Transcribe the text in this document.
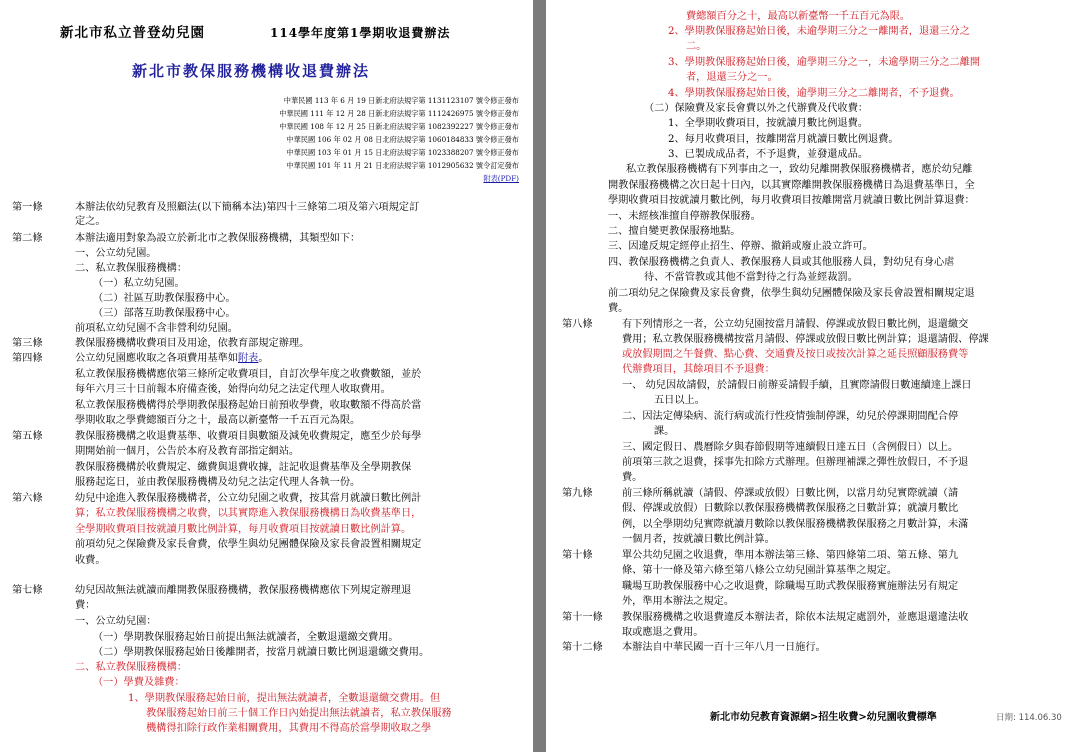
新北市私立普登幼兒園	114學年度第1學期收退費辦法
新北市教保服務機構收退費辦法
中華民國 113 年 6 月 19 日新北府法規字第 1131123107 號令修正發布
中華民國 111 年 12 月 28 日新北府法規字第 1112426975 號令修正發布
中華民國 108 年 12 月 25 日新北府法規字第 1082392227 號令修正發布
中華民國 106 年 02 月 08 日北府法規字第 1060184833 號令修正發布
中華民國 103 年 01 月 15 日北府法規字第 1023388207 號令修正發布
中華民國 101 年 11 月 21 日北府法規字第 1012905632 號令訂定發布
附表(PDF)
第一條	本辦法依幼兒教育及照顧法(以下簡稱本法)第四十三條第二項及第六項規定訂
定之。
第二條	本辦法適用對象為設立於新北市之教保服務機構，其類型如下：
一、公立幼兒園。
二、私立教保服務機構：
（一）私立幼兒園。
（二）社區互助教保服務中心。
（三）部落互助教保服務中心。
前項私立幼兒園不含非營利幼兒園。
第三條	教保服務機構收費項目及用途，依教育部規定辦理。
第四條	公立幼兒園應收取之各項費用基準如附表。
私立教保服務機構應依第三條所定收費項目，自訂次學年度之收費數額，並於
每年六月三十日前報本府備查後，始得向幼兒之法定代理人收取費用。
私立教保服務機構得於學期教保服務起始日前預收學費，收取數額不得高於當
學期收取之學費總額百分之十，最高以新臺幣一千五百元為限。
第五條	教保服務機構之收退費基準、收費項目與數額及減免收費規定，應至少於每學
期開始前一個月，公告於本府及教育部指定網站。
教保服務機構於收費規定、繳費與退費收據，註記收退費基準及全學期教保
服務起迄日，並由教保服務機構及幼兒之法定代理人各執一份。
第六條	幼兒中途進入教保服務機構者，公立幼兒園之收費，按其當月就讀日數比例計
算；私立教保服務機構之收費，以其實際進入教保服務機構日為收費基準日，
全學期收費項目按就讀月數比例計算，每月收費項目按就讀日數比例計算。
前項幼兒之保險費及家長會費，依學生與幼兒團體保險及家長會設置相關規定
收費。
第七條	幼兒因故無法就讀而離開教保服務機構，教保服務機構應依下列規定辦理退
費：
一、公立幼兒園：
（一）學期教保服務起始日前提出無法就讀者，全數退還繳交費用。
（二）學期教保服務起始日後離開者，按當月就讀日數比例退還繳交費用。
二、私立教保服務機構：
（一）學費及雜費：
1、學期教保服務起始日前，提出無法就讀者，全數退還繳交費用。但
教保服務起始日前三十個工作日內始提出無法就讀者，私立教保服務
機構得扣除行政作業相關費用，其費用不得高於當學期收取之學
費總額百分之十，最高以新臺幣一千五百元為限。
2、學期教保服務起始日後，未逾學期三分之一離開者，退還三分之
二。
3、學期教保服務起始日後，逾學期三分之一，未逾學期三分之二離開
者，退還三分之一。
4、學期教保服務起始日後，逾學期三分之二離開者，不予退費。
（二）保險費及家長會費以外之代辦費及代收費：
1、全學期收費項目，按就讀月數比例退費。
2、每月收費項目，按離開當月就讀日數比例退費。
3、已製成成品者，不予退費，並發還成品。
私立教保服務機構有下列事由之一，致幼兒離開教保服務機構者，應於幼兒離
開教保服務機構之次日起十日內，以其實際離開教保服務機構日為退費基準日，全
學期收費項目按就讀月數比例，每月收費項目按離開當月就讀日數比例計算退費：
一、未經核准擅自停辦教保服務。
二、擅自變更教保服務地點。
三、因違反規定經停止招生、停辦、撤銷或廢止設立許可。
四、教保服務機構之負責人、教保服務人員或其他服務人員，對幼兒有身心虐
待、不當管教或其他不當對待之行為並經裁罰。
前二項幼兒之保險費及家長會費，依學生與幼兒團體保險及家長會設置相關規定退
費。
第八條	有下列情形之一者，公立幼兒園按當月請假、停課或放假日數比例，退還繳交
費用；私立教保服務機構按當月請假、停課或放假日數比例計算；退還請假、停課
或放假期間之午餐費、點心費、交通費及按日或按次計算之延長照顧服務費等
代辦費項目，其餘項目不予退費：
一、 幼兒因故請假，於請假日前辦妥請假手續，且實際請假日數連續達上課日
五日以上。
二、因法定傳染病、流行病或流行性疫情強制停課，幼兒於停課期間配合停
課。
三、國定假日、農曆除夕與春節假期等連續假日達五日（含例假日）以上。
前項第三款之退費，採事先扣除方式辦理。但辦理補課之彈性放假日，不予退
費。
第九條	前三條所稱就讀（請假、停課或放假）日數比例，以當月幼兒實際就讀（請
假、停課或放假）日數除以教保服務機構教保服務之日數計算；就讀月數比
例，以全學期幼兒實際就讀月數除以教保服務機構教保服務之月數計算，未滿
一個月者，按就讀日數比例計算。
第十條	單公共幼兒園之收退費，準用本辦法第三條、第四條第二項、第五條、第九
條、第十一條及第六條至第八條公立幼兒園計算基準之規定。
職場互助教保服務中心之收退費，除職場互助式教保服務實施辦法另有規定
外，準用本辦法之規定。
第十一條 教保服務機構之收退費違反本辦法者，除依本法規定處罰外，並應退還違法收
取或應退之費用。
第十二條 本辦法自中華民國一百十三年八月一日施行。
新北市幼兒教育資源網>招生收費>幼兒園收費標準	日期: 114.06.30
